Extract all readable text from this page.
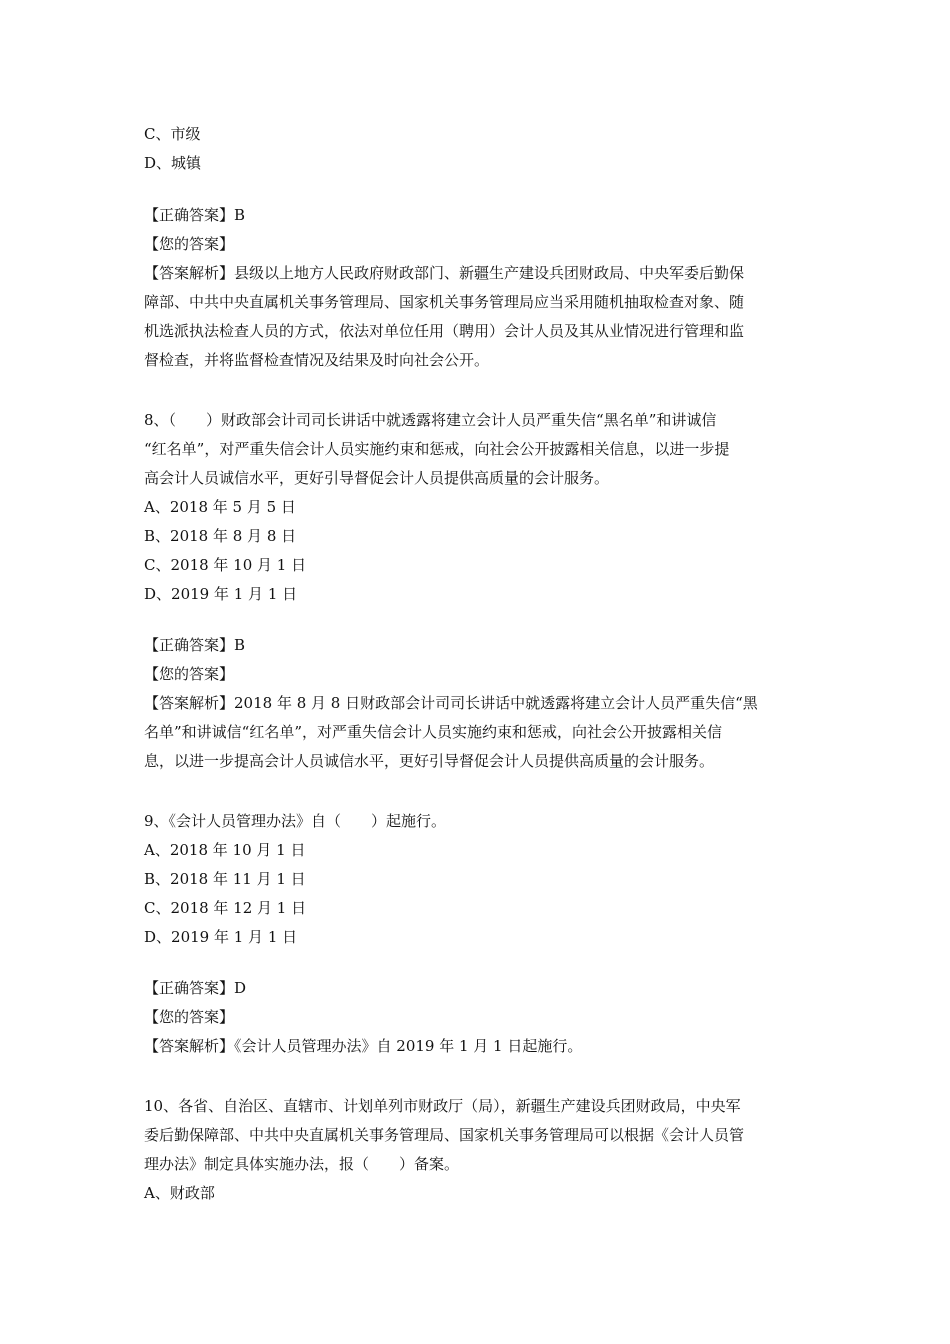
C、市级
D、城镇
【正确答案】B
【您的答案】
【答案解析】县级以上地方人民政府财政部门、新疆生产建设兵团财政局、中央军委后勤保
障部、中共中央直属机关事务管理局、国家机关事务管理局应当采用随机抽取检查对象、随
机选派执法检查人员的方式，依法对单位任用（聘用）会计人员及其从业情况进行管理和监
督检查，并将监督检查情况及结果及时向社会公开。
8、（　　）财政部会计司司长讲话中就透露将建立会计人员严重失信“黑名单”和讲诚信
“红名单”，对严重失信会计人员实施约束和惩戒，向社会公开披露相关信息，以进一步提
高会计人员诚信水平，更好引导督促会计人员提供高质量的会计服务。
A、2018 年 5 月 5 日
B、2018 年 8 月 8 日
C、2018 年 10 月 1 日
D、2019 年 1 月 1 日
【正确答案】B
【您的答案】
【答案解析】2018 年 8 月 8 日财政部会计司司长讲话中就透露将建立会计人员严重失信“黑
名单”和讲诚信“红名单”，对严重失信会计人员实施约束和惩戒，向社会公开披露相关信
息，以进一步提高会计人员诚信水平，更好引导督促会计人员提供高质量的会计服务。
9、《会计人员管理办法》自（　　）起施行。
A、2018 年 10 月 1 日
B、2018 年 11 月 1 日
C、2018 年 12 月 1 日
D、2019 年 1 月 1 日
【正确答案】D
【您的答案】
【答案解析】《会计人员管理办法》自 2019 年 1 月 1 日起施行。
10、各省、自治区、直辖市、计划单列市财政厅（局），新疆生产建设兵团财政局，中央军
委后勤保障部、中共中央直属机关事务管理局、国家机关事务管理局可以根据《会计人员管
理办法》制定具体实施办法，报（　　）备案。
A、财政部
